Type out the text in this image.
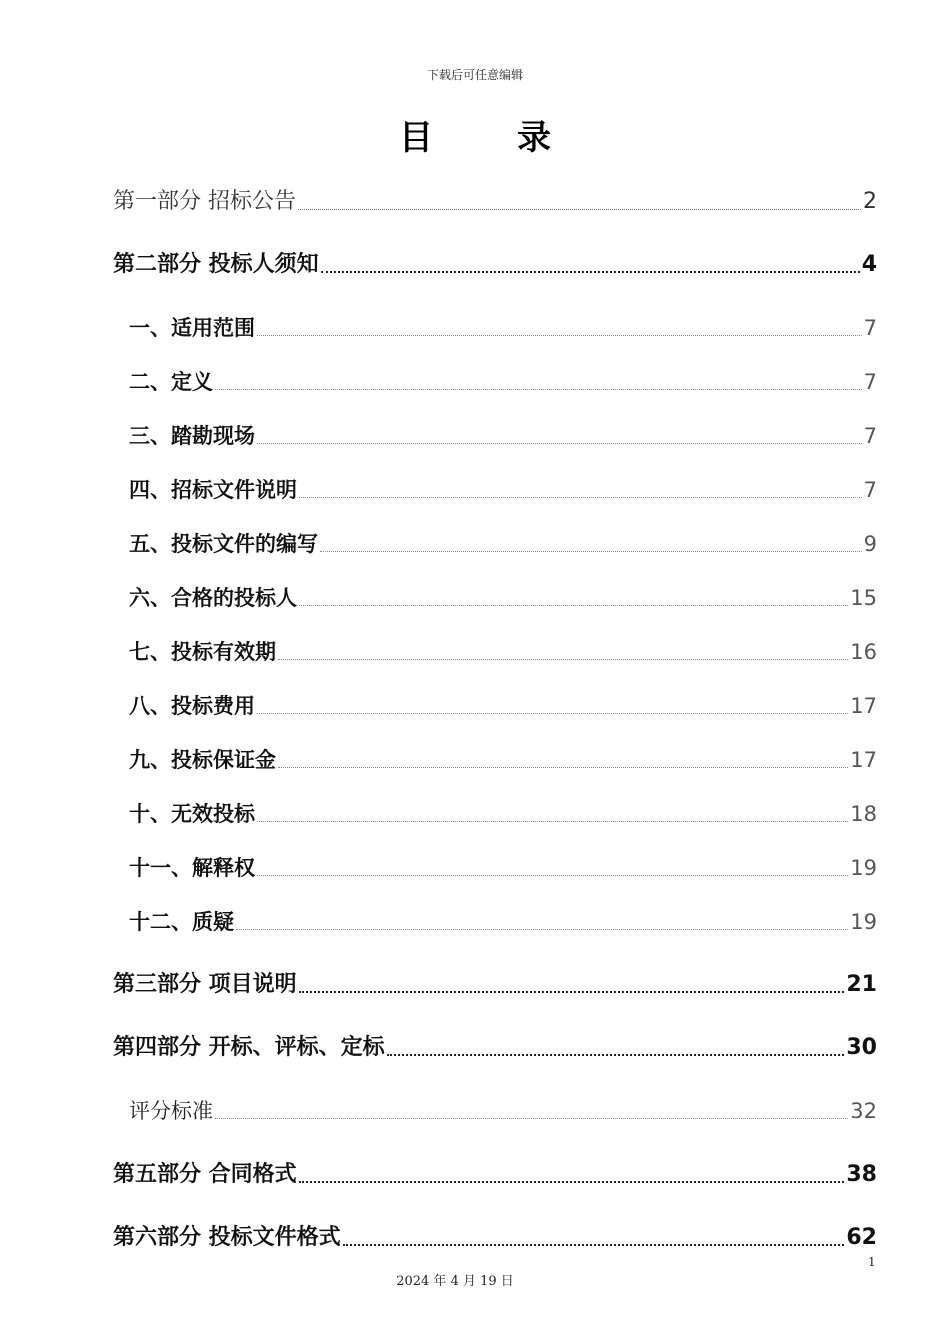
下载后可任意编辑
目录
第一部分 招标公告	2
第二部分 投标人须知	4
一、适用范围	7
二、定义	7
三、踏勘现场	7
四、招标文件说明	7
五、投标文件的编写	9
六、合格的投标人	15
七、投标有效期	16
八、投标费用	17
九、投标保证金	17
十、无效投标	18
十一、解释权	19
十二、质疑	19
第三部分 项目说明	21
第四部分 开标、评标、定标	30
评分标准	32
第五部分 合同格式	38
第六部分 投标文件格式	62
1
2024 年 4 月 19 日
